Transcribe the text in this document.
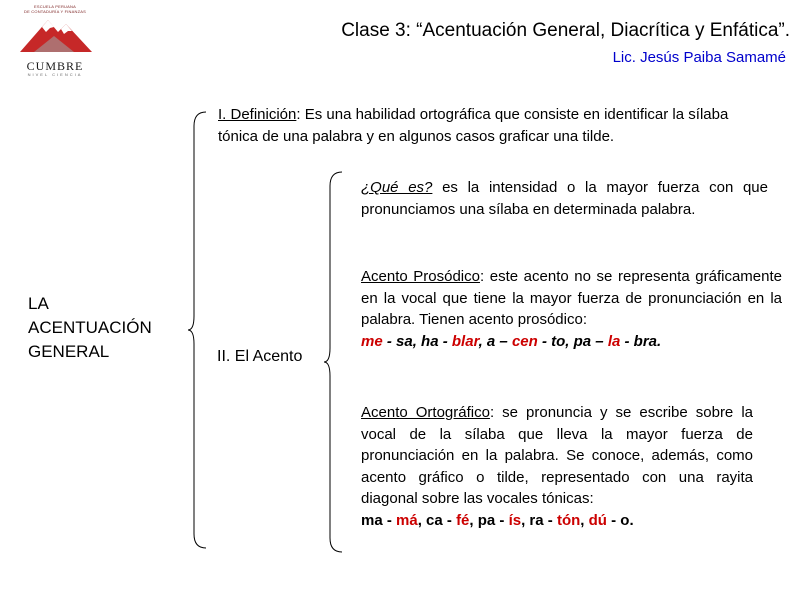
ESCUELA PERUANA
DE CONTADURÍA Y FINANZAS
CUMBRE
NIVEL CIENCIA
Clase 3: “Acentuación General, Diacrítica y Enfática”.
Lic. Jesús Paiba Samamé
LA
ACENTUACIÓN
GENERAL
I. Definición: Es una habilidad ortográfica que consiste en identificar la sílaba tónica de una palabra y en algunos casos graficar una tilde.
II. El Acento
¿Qué es? es la intensidad o la mayor fuerza con que pronunciamos una sílaba en determinada palabra.
Acento Prosódico: este acento no se representa gráficamente en la vocal que tiene la mayor fuerza de pronunciación en la palabra. Tienen acento prosódico:
me - sa, ha - blar, a – cen - to, pa – la - bra.
Acento Ortográfico: se pronuncia y se escribe sobre la vocal de la sílaba que lleva la mayor fuerza de pronunciación en la palabra. Se conoce, además, como acento gráfico o tilde, representado con una rayita diagonal sobre las vocales tónicas:
ma - má, ca - fé, pa - ís, ra - tón, dú - o.
